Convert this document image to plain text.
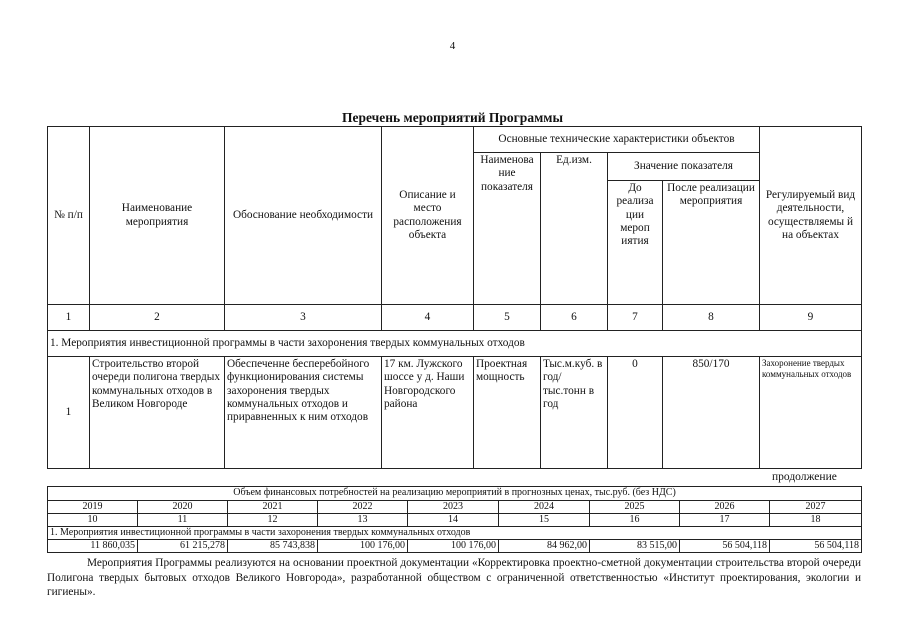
4
Перечень мероприятий Программы
№ п/п	Наименование мероприятия	Обоснование необходимости	Описание и место расположения объекта	Основные технические характеристики объектов				Регулируемый вид деятельности, осуществляемы й на объектах
				Наименова ние показателя	Ед.изм.	Значение показателя		
						До реализа ции мероп иятия	После реализации мероприятия	
1	2	3	4	5	6	7	8	9
1. Мероприятия инвестиционной программы в части захоронения твердых коммунальных отходов								
1	Строительство второй очереди полигона твердых коммунальных отходов в Великом Новгороде	Обеспеченне бесперебойного функционирования системы захоронения твердых коммунальных отходов и приравненных к ним отходов	17 км. Лужского шоссе у д. Наши Новгородского района	Проектная мощность	Тыс.м.куб. в год/ тыс.тонн в год	0	850/170	Захоронение твердых коммунальных отходов
продолжение
Объем финансовых потребностей на реализацию мероприятий в прогнозных ценах, тыс.руб. (без НДС)								
2019	2020	2021	2022	2023	2024	2025	2026	2027
10	11	12	13	14	15	16	17	18
1. Мероприятия инвестиционной программы в части захоронения твердых коммунальных отходов								
11 860,035	61 215,278	85 743,838	100 176,00	100 176,00	84 962,00	83 515,00	56 504,118	56 504,118
Мероприятия Программы реализуются на основании проектной документации «Корректировка проектно-сметной документации строительства второй очереди Полигона твердых бытовых отходов Великого Новгорода», разработанной обществом с ограниченной ответственностью «Институт проектирования, экологии и гигиены».
